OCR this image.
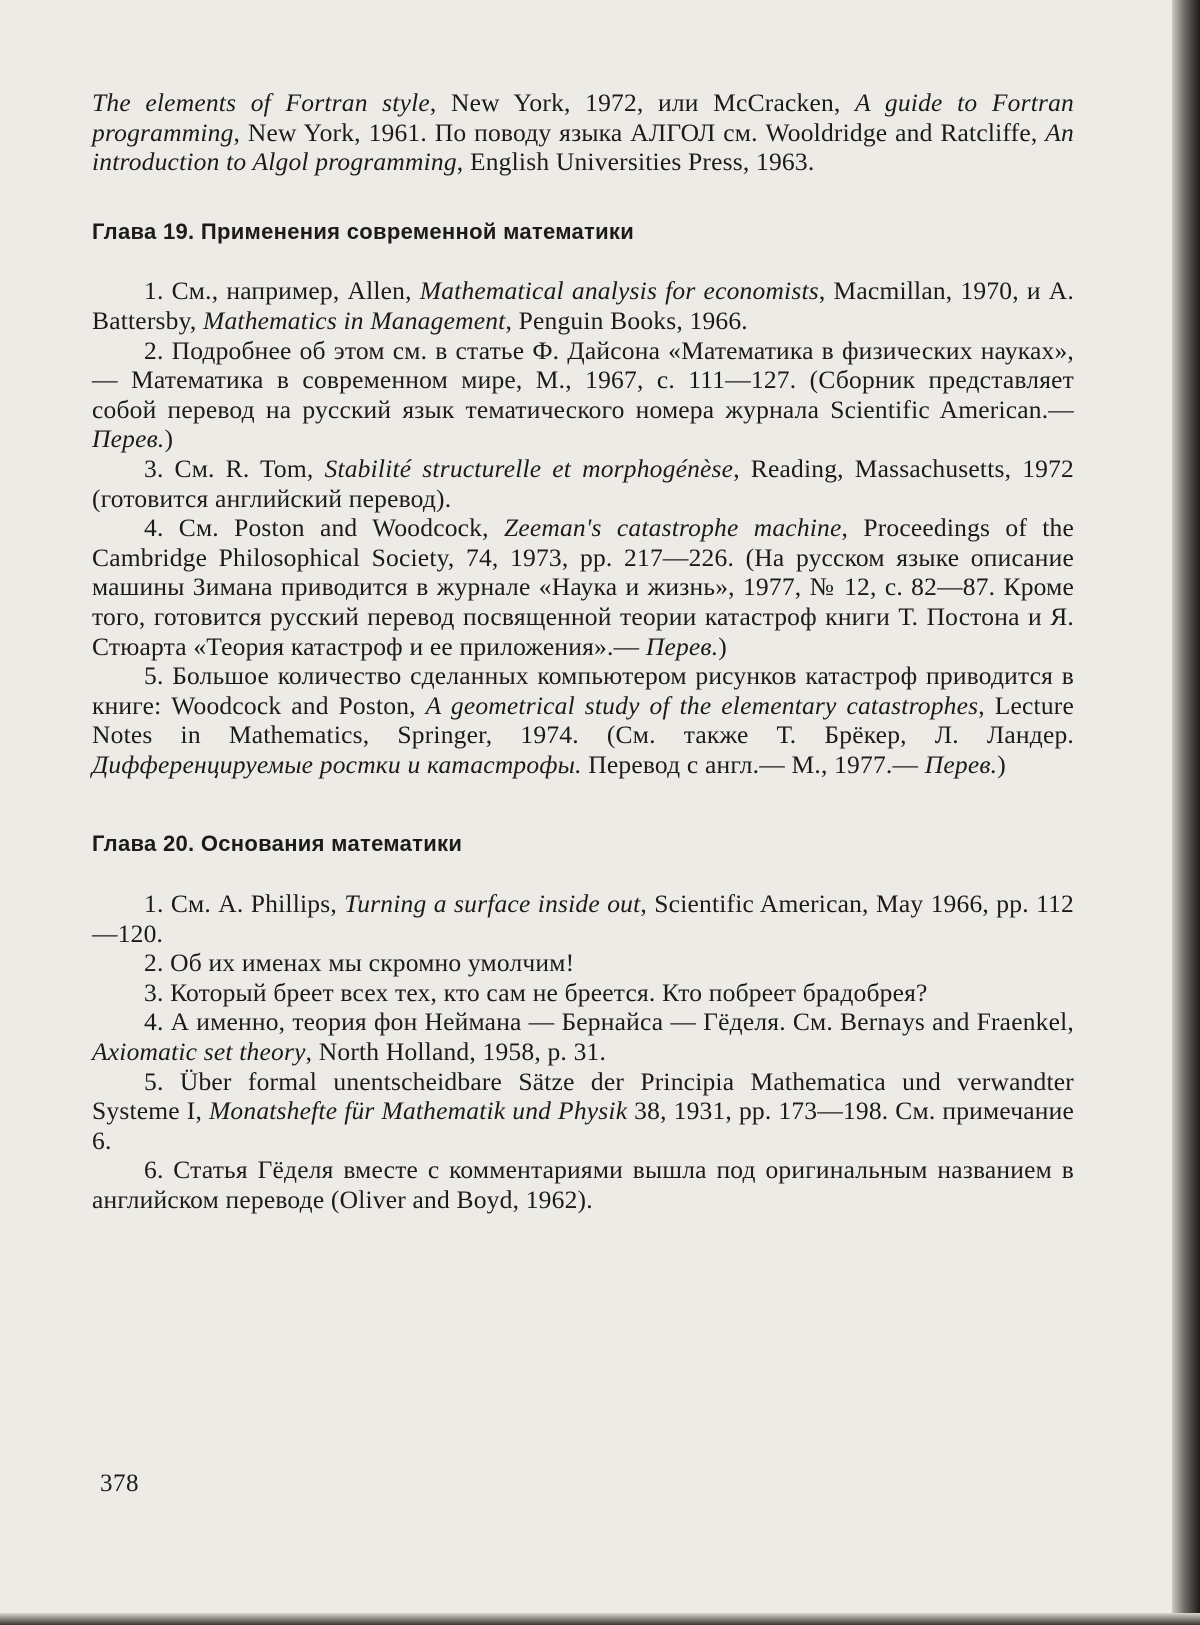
The elements of Fortran style, New York, 1972, или McCracken, A guide to Fortran programming, New York, 1961. По поводу языка АЛГОЛ см. Wooldridge and Ratcliffe, An introduction to Algol programming, English Universities Press, 1963.

Глава 19. Применения современной математики

1. См., например, Allen, Mathematical analysis for economists, Macmillan, 1970, и A. Battersby, Mathematics in Management, Penguin Books, 1966.

2. Подробнее об этом см. в статье Ф. Дайсона «Математика в физических науках»,— Математика в современном мире, М., 1967, с. 111—127. (Сборник представляет собой перевод на русский язык тематического номера журнала Scientific American.— Перев.)

3. См. R. Tom, Stabilité structurelle et morphogénèse, Reading, Massachusetts, 1972 (готовится английский перевод).

4. См. Poston and Woodcock, Zeeman's catastrophe machine, Proceedings of the Cambridge Philosophical Society, 74, 1973, pp. 217—226. (На русском языке описание машины Зимана приводится в журнале «Наука и жизнь», 1977, № 12, с. 82—87. Кроме того, готовится русский перевод посвященной теории катастроф книги Т. Постона и Я. Стюарта «Теория катастроф и ее приложения».— Перев.)

5. Большое количество сделанных компьютером рисунков катастроф приводится в книге: Woodcock and Poston, A geometrical study of the elementary catastrophes, Lecture Notes in Mathematics, Springer, 1974. (См. также Т. Брёкер, Л. Ландер. Дифференцируемые ростки и катастрофы. Перевод с англ.— М., 1977.— Перев.)

Глава 20. Основания математики

1. См. A. Phillips, Turning a surface inside out, Scientific American, May 1966, pp. 112—120.

2. Об их именах мы скромно умолчим!

3. Который бреет всех тех, кто сам не бреется. Кто побреет брадобрея?

4. А именно, теория фон Неймана — Бернайса — Гёделя. См. Bernays and Fraenkel, Axiomatic set theory, North Holland, 1958, p. 31.

5. Über formal unentscheidbare Sätze der Principia Mathematica und verwandter Systeme I, Monatshefte für Mathematik und Physik 38, 1931, pp. 173—198. См. примечание 6.

6. Статья Гёделя вместе с комментариями вышла под оригинальным названием в английском переводе (Oliver and Boyd, 1962).

378
